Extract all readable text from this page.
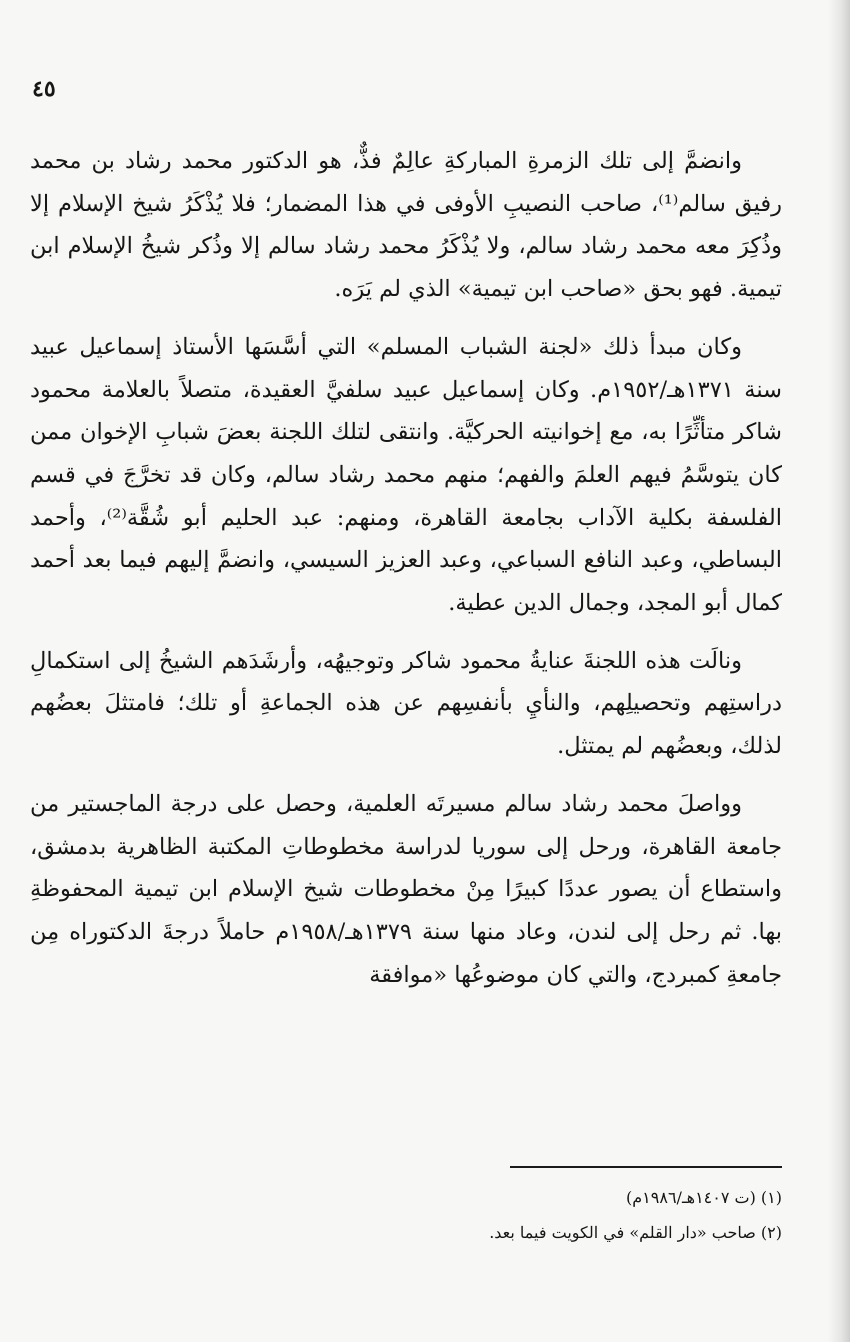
٤٥

وانضمَّ إلى تلك الزمرةِ المباركةِ عالِمٌ فذٌّ، هو الدكتور محمد رشاد بن محمد رفيق سالم⁽¹⁾، صاحب النصيبِ الأوفى في هذا المضمار؛ فلا يُذْكَرُ شيخ الإسلام إلا وذُكِرَ معه محمد رشاد سالم، ولا يُذْكَرُ محمد رشاد سالم إلا وذُكر شيخُ الإسلام ابن تيمية. فهو بحق «صاحب ابن تيمية» الذي لم يَرَه.

وكان مبدأ ذلك «لجنة الشباب المسلم» التي أسَّسَها الأستاذ إسماعيل عبيد سنة ١٣٧١هـ/١٩٥٢م. وكان إسماعيل عبيد سلفيَّ العقيدة، متصلاً بالعلامة محمود شاكر متأثِّرًا به، مع إخوانيته الحركيَّة. وانتقى لتلك اللجنة بعضَ شبابِ الإخوان ممن كان يتوسَّمُ فيهم العلمَ والفهم؛ منهم محمد رشاد سالم، وكان قد تخرَّجَ في قسم الفلسفة بكلية الآداب بجامعة القاهرة، ومنهم: عبد الحليم أبو شُقَّة⁽²⁾، وأحمد البساطي، وعبد النافع السباعي، وعبد العزيز السيسي، وانضمَّ إليهم فيما بعد أحمد كمال أبو المجد، وجمال الدين عطية.

ونالَت هذه اللجنةَ عنايةُ محمود شاكر وتوجيهُه، وأرشَدَهم الشيخُ إلى استكمالِ دراستِهم وتحصيلِهم، والنأيِ بأنفسِهم عن هذه الجماعةِ أو تلك؛ فامتثلَ بعضُهم لذلك، وبعضُهم لم يمتثل.

وواصلَ محمد رشاد سالم مسيرتَه العلمية، وحصل على درجة الماجستير من جامعة القاهرة، ورحل إلى سوريا لدراسة مخطوطاتِ المكتبة الظاهرية بدمشق، واستطاع أن يصور عددًا كبيرًا مِنْ مخطوطات شيخ الإسلام ابن تيمية المحفوظةِ بها. ثم رحل إلى لندن، وعاد منها سنة ١٣٧٩هـ/١٩٥٨م حاملاً درجةَ الدكتوراه مِن جامعةِ كمبردج، والتي كان موضوعُها «موافقة

(١) (ت ١٤٠٧هـ/١٩٨٦م)

(٢) صاحب «دار القلم» في الكويت فيما بعد.
